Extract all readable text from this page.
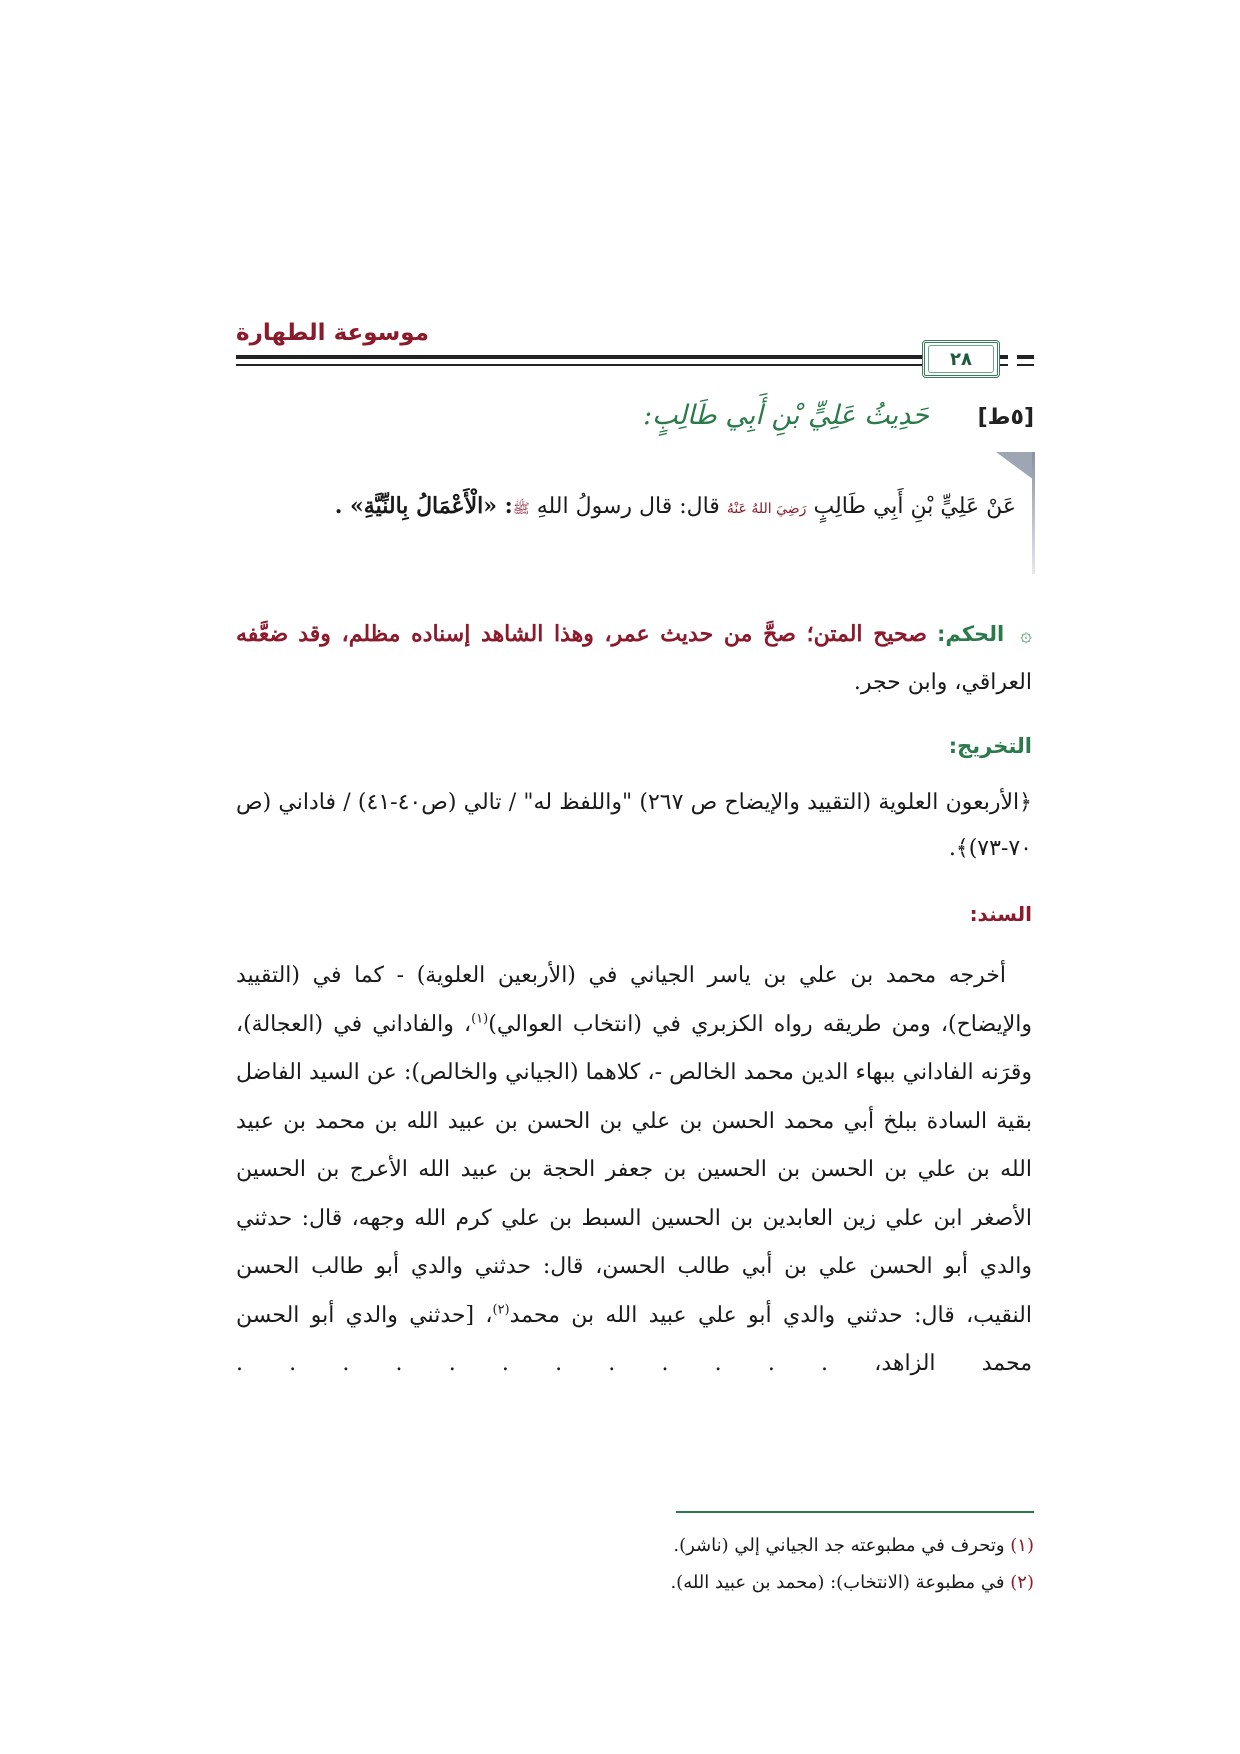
موسوعة الطهارة
٢٨
[٥ط] حَدِيثُ عَلِيٍّ بْنِ أَبِي طَالِبٍ:
عَنْ عَلِيٍّ بْنِ أَبِي طَالِبٍ رَضِيَ اللهُ عَنْهُ قال: قال رسولُ اللهِ ﷺ: «الْأَعْمَالُ بِالنِّيَّةِ» .
۞ الحكم: صحيح المتن؛ صحَّ من حديث عمر، وهذا الشاهد إسناده مظلم، وقد ضعَّفه العراقي، وابن حجر.
التخريج:
﴿الأربعون العلوية (التقييد والإيضاح ص ٢٦٧) "واللفظ له" / تالي (ص٤٠-٤١) / فاداني (ص ٧٠-٧٣)﴾.
السند:
أخرجه محمد بن علي بن ياسر الجياني في (الأربعين العلوية) - كما في (التقييد والإيضاح)، ومن طريقه رواه الكزبري في (انتخاب العوالي)$^{(١)}$، والفاداني في (العجالة)، وقرَنه الفاداني ببهاء الدين محمد الخالص -، كلاهما (الجياني والخالص): عن السيد الفاضل بقية السادة ببلخ أبي محمد الحسن بن علي بن الحسن بن عبيد الله بن محمد بن عبيد الله بن علي بن الحسن بن الحسين بن جعفر الحجة بن عبيد الله الأعرج بن الحسين الأصغر ابن علي زين العابدين بن الحسين السبط بن علي كرم الله وجهه، قال: حدثني والدي أبو الحسن علي بن أبي طالب الحسن، قال: حدثني والدي أبو طالب الحسن النقيب، قال: حدثني والدي أبو علي عبيد الله بن محمد$^{(٢)}$، [حدثني والدي أبو الحسن محمد الزاهد، . . . . . . . . . . . .
(١) وتحرف في مطبوعته جد الجياني إلي (ناشر).
(٢) في مطبوعة (الانتخاب): (محمد بن عبيد الله).
